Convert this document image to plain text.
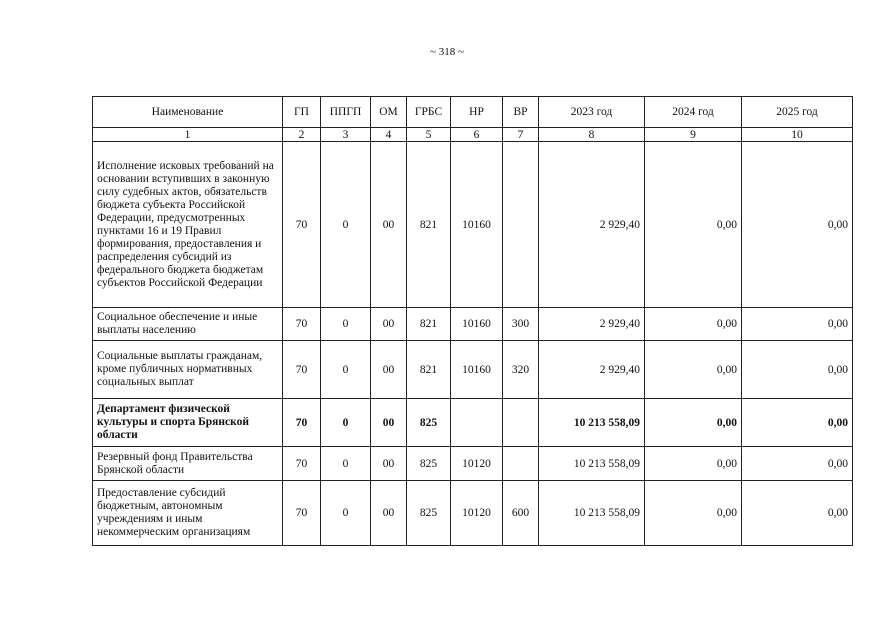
~ 318 ~
Наименование	ГП	ППГП	ОМ	ГРБС	НР	ВР	2023 год	2024 год	2025 год
1	2	3	4	5	6	7	8	9	10
Исполнение исковых требований на основании вступивших в законную силу судебных актов, обязательств бюджета субъекта Российской Федерации, предусмотренных пунктами 16 и 19 Правил формирования, предоставления и распределения субсидий из федерального бюджета бюджетам субъектов Российской Федерации	70	0	00	821	10160		2 929,40	0,00	0,00
Социальное обеспечение и иные выплаты населению	70	0	00	821	10160	300	2 929,40	0,00	0,00
Социальные выплаты гражданам, кроме публичных нормативных социальных выплат	70	0	00	821	10160	320	2 929,40	0,00	0,00
Департамент физической культуры и спорта Брянской области	70	0	00	825			10 213 558,09	0,00	0,00
Резервный фонд Правительства Брянской области	70	0	00	825	10120		10 213 558,09	0,00	0,00
Предоставление субсидий бюджетным, автономным учреждениям и иным некоммерческим организациям	70	0	00	825	10120	600	10 213 558,09	0,00	0,00
